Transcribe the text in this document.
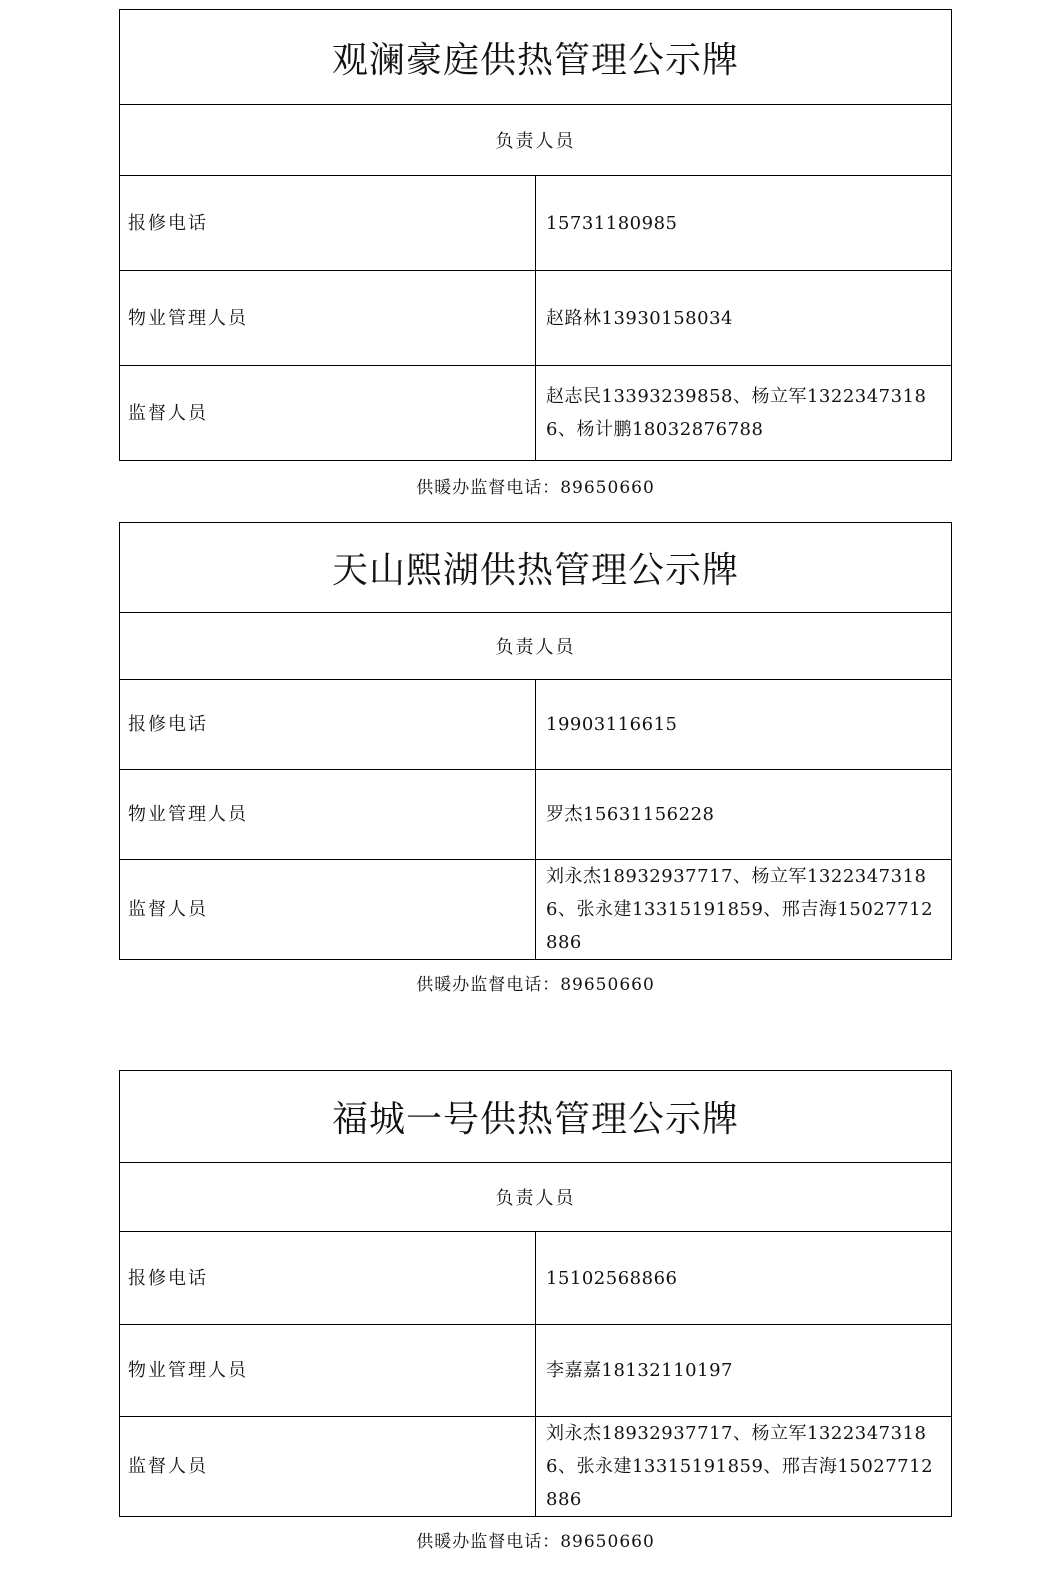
观澜豪庭供热管理公示牌	
负责人员	
报修电话	15731180985
物业管理人员	赵路林13930158034
监督人员	赵志民13393239858、杨立军13223473186、杨计鹏18032876788
供暖办监督电话：89650660
天山熙湖供热管理公示牌	
负责人员	
报修电话	19903116615
物业管理人员	罗杰15631156228
监督人员	刘永杰18932937717、杨立军13223473186、张永建13315191859、邢吉海15027712886
供暖办监督电话：89650660
福城一号供热管理公示牌	
负责人员	
报修电话	15102568866
物业管理人员	李嘉嘉18132110197
监督人员	刘永杰18932937717、杨立军13223473186、张永建13315191859、邢吉海15027712886
供暖办监督电话：89650660
